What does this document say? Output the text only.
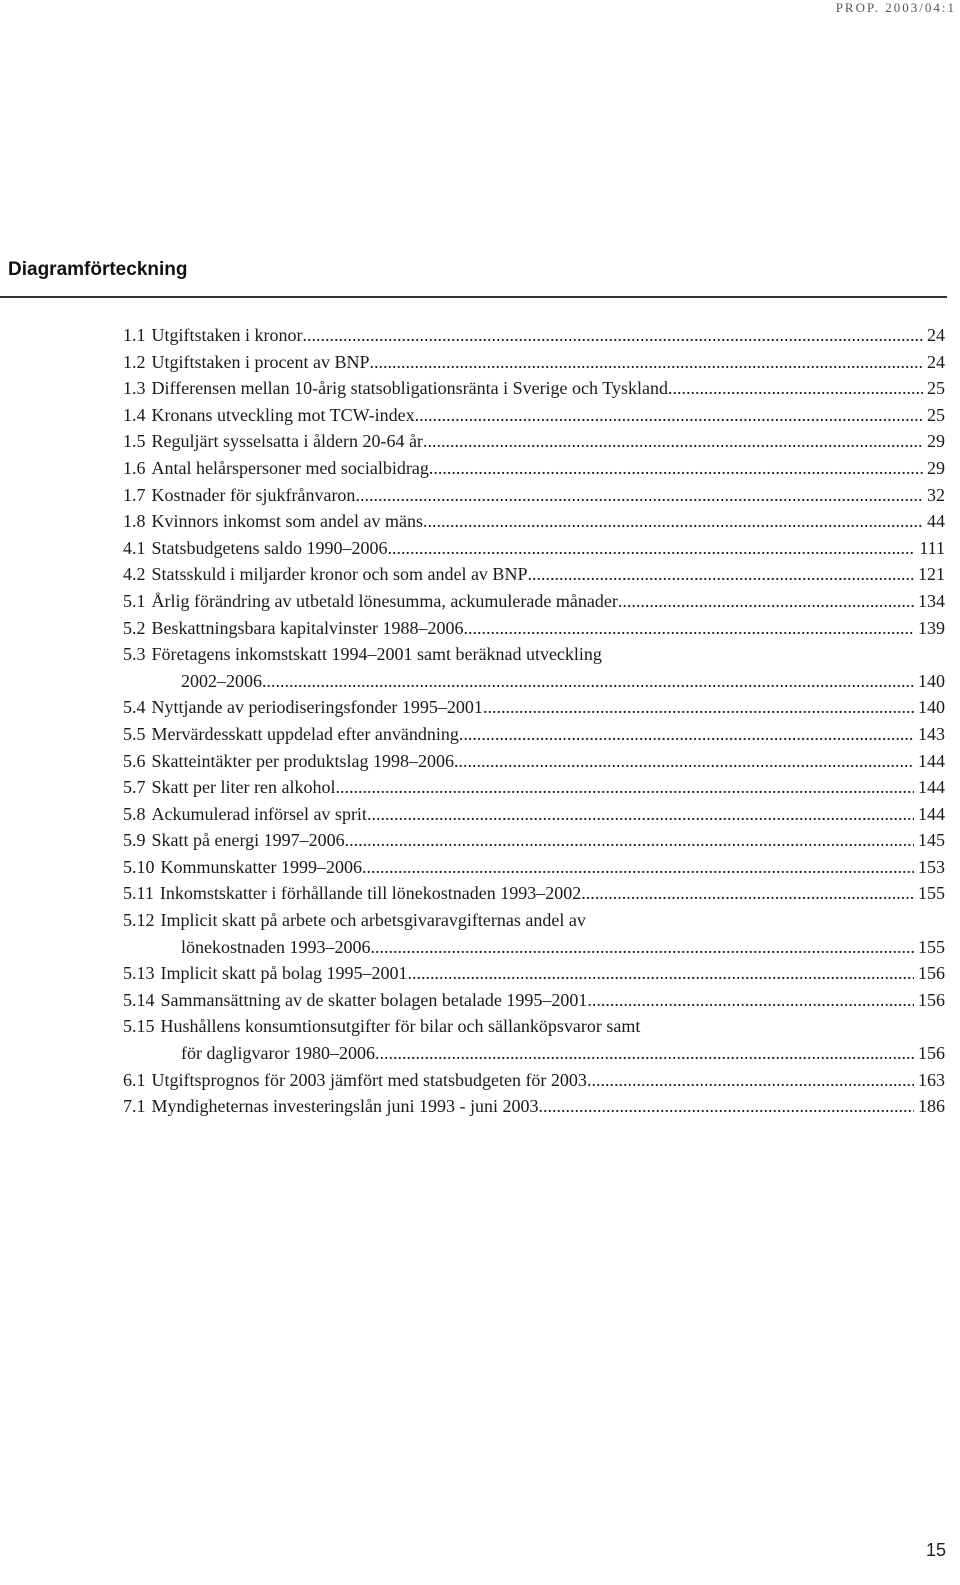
PROP. 2003/04:1
Diagramförteckning
1.1 Utgiftstaken i kronor .....	24
1.2 Utgiftstaken i procent av BNP .....	24
1.3 Differensen mellan 10-årig statsobligationsränta i Sverige och Tyskland .....	25
1.4 Kronans utveckling mot TCW-index .....	25
1.5 Reguljärt sysselsatta i åldern 20-64 år .....	29
1.6 Antal helårspersoner med socialbidrag .....	29
1.7 Kostnader för sjukfrånvaron .....	32
1.8 Kvinnors inkomst som andel av mäns .....	44
4.1 Statsbudgetens saldo 1990–2006 .....	111
4.2 Statsskuld i miljarder kronor och som andel av BNP .....	121
5.1 Årlig förändring av utbetald lönesumma, ackumulerade månader .....	134
5.2 Beskattningsbara kapitalvinster 1988–2006 .....	139
5.3 Företagens inkomstskatt 1994–2001 samt beräknad utveckling
2002–2006 .....	140
5.4 Nyttjande av periodiseringsfonder 1995–2001 .....	140
5.5 Mervärdesskatt uppdelad efter användning .....	143
5.6 Skatteintäkter per produktslag 1998–2006 .....	144
5.7 Skatt per liter ren alkohol .....	144
5.8 Ackumulerad införsel av sprit .....	144
5.9 Skatt på energi 1997–2006 .....	145
5.10 Kommunskatter 1999–2006 .....	153
5.11 Inkomstskatter i förhållande till lönekostnaden 1993–2002 .....	155
5.12 Implicit skatt på arbete och arbetsgivaravgifternas andel av
lönekostnaden 1993–2006 .....	155
5.13 Implicit skatt på bolag 1995–2001 .....	156
5.14 Sammansättning av de skatter bolagen betalade 1995–2001 .....	156
5.15 Hushållens konsumtionsutgifter för bilar och sällanköpsvaror samt
för dagligvaror 1980–2006 .....	156
6.1 Utgiftsprognos för 2003 jämfört med statsbudgeten för 2003 .....	163
7.1 Myndigheternas investeringslån juni 1993 - juni 2003 .....	186
15
